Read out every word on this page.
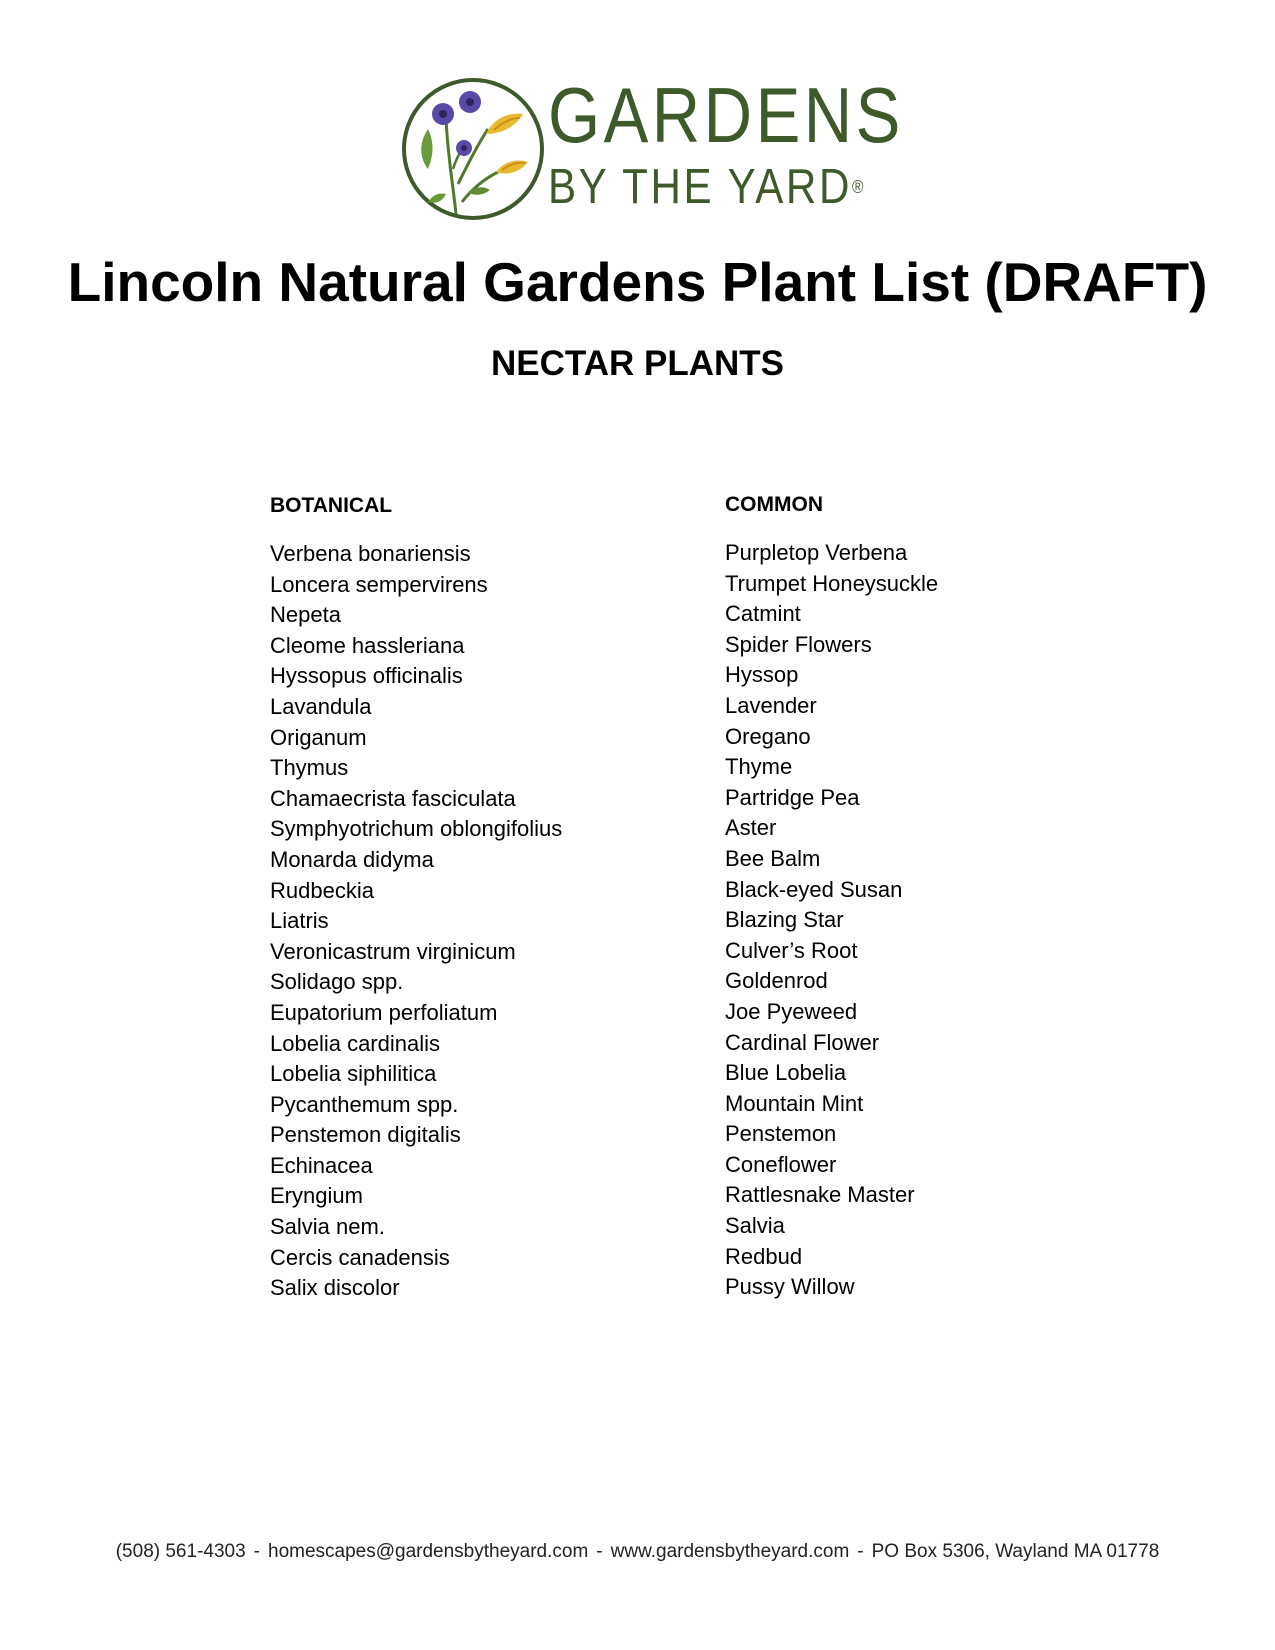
GARDENS
BY THE YARD®
Lincoln Natural Gardens Plant List (DRAFT)
NECTAR PLANTS
BOTANICAL	COMMON
Verbena bonariensis
Loncera sempervirens
Nepeta
Cleome hassleriana
Hyssopus officinalis
Lavandula
Origanum
Thymus
Chamaecrista fasciculata
Symphyotrichum oblongifolius
Monarda didyma
Rudbeckia
Liatris
Veronicastrum virginicum
Solidago spp.
Eupatorium perfoliatum
Lobelia cardinalis
Lobelia siphilitica
Pycanthemum spp.
Penstemon digitalis
Echinacea
Eryngium
Salvia nem.
Cercis canadensis
Salix discolor
Purpletop Verbena
Trumpet Honeysuckle
Catmint
Spider Flowers
Hyssop
Lavender
Oregano
Thyme
Partridge Pea
Aster
Bee Balm
Black-eyed Susan
Blazing Star
Culver’s Root
Goldenrod
Joe Pyeweed
Cardinal Flower
Blue Lobelia
Mountain Mint
Penstemon
Coneflower
Rattlesnake Master
Salvia
Redbud
Pussy Willow
(508) 561-4303 - homescapes@gardensbytheyard.com - www.gardensbytheyard.com - PO Box 5306, Wayland MA 01778
